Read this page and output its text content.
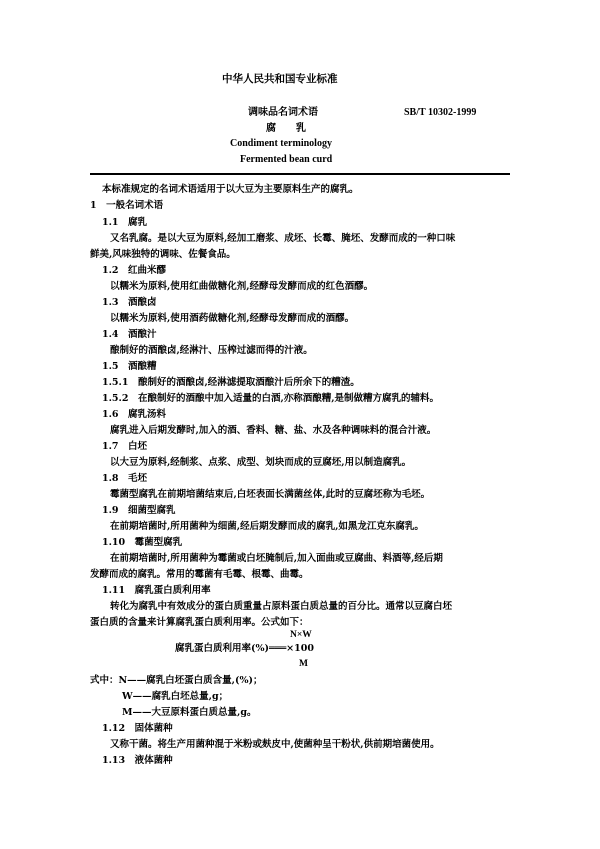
中华人民共和国专业标准
调味品名词术语	SB/T 10302-1999
腐　　乳
Condiment terminology
Fermented bean curd
本标准规定的名词术语适用于以大豆为主要原料生产的腐乳。
1　一般名词术语
1.1　腐乳
又名乳腐。是以大豆为原料,经加工磨浆、成坯、长霉、腌坯、发酵而成的一种口味
鲜美,风味独特的调味、佐餐食品。
1.2　红曲米醪
以糯米为原料,使用红曲做糖化剂,经酵母发酵而成的红色酒醪。
1.3　酒酿卤
以糯米为原料,使用酒药做糖化剂,经酵母发酵而成的酒醪。
1.4　酒酿汁
酿制好的酒酿卤,经淋汁、压榨过滤而得的汁液。
1.5　酒酿糟
1.5.1　酿制好的酒酿卤,经淋滤提取酒酿汁后所余下的糟渣。
1.5.2　在酿制好的酒酿中加入适量的白酒,亦称酒酿糟,是制做糟方腐乳的辅料。
1.6　腐乳汤料
腐乳进入后期发酵时,加入的酒、香料、糖、盐、水及各种调味料的混合汁液。
1.7　白坯
以大豆为原料,经制浆、点浆、成型、划块而成的豆腐坯,用以制造腐乳。
1.8　毛坯
霉菌型腐乳在前期培菌结束后,白坯表面长满菌丝体,此时的豆腐坯称为毛坯。
1.9　细菌型腐乳
在前期培菌时,所用菌种为细菌,经后期发酵而成的腐乳,如黑龙江克东腐乳。
1.10　霉菌型腐乳
在前期培菌时,所用菌种为霉菌或白坯腌制后,加入面曲或豆腐曲、料酒等,经后期
发酵而成的腐乳。常用的霉菌有毛霉、根霉、曲霉。
1.11　腐乳蛋白质利用率
转化为腐乳中有效成分的蛋白质重量占原料蛋白质总量的百分比。通常以豆腐白坯
蛋白质的含量来计算腐乳蛋白质利用率。公式如下：
N×W
腐乳蛋白质利用率(%)═══×100
M
式中：N——腐乳白坯蛋白质含量,(%)；
W——腐乳白坯总量,g；
M——大豆原料蛋白质总量,g。
1.12　固体菌种
又称干菌。将生产用菌种混于米粉或麸皮中,使菌种呈干粉状,供前期培菌使用。
1.13　液体菌种
